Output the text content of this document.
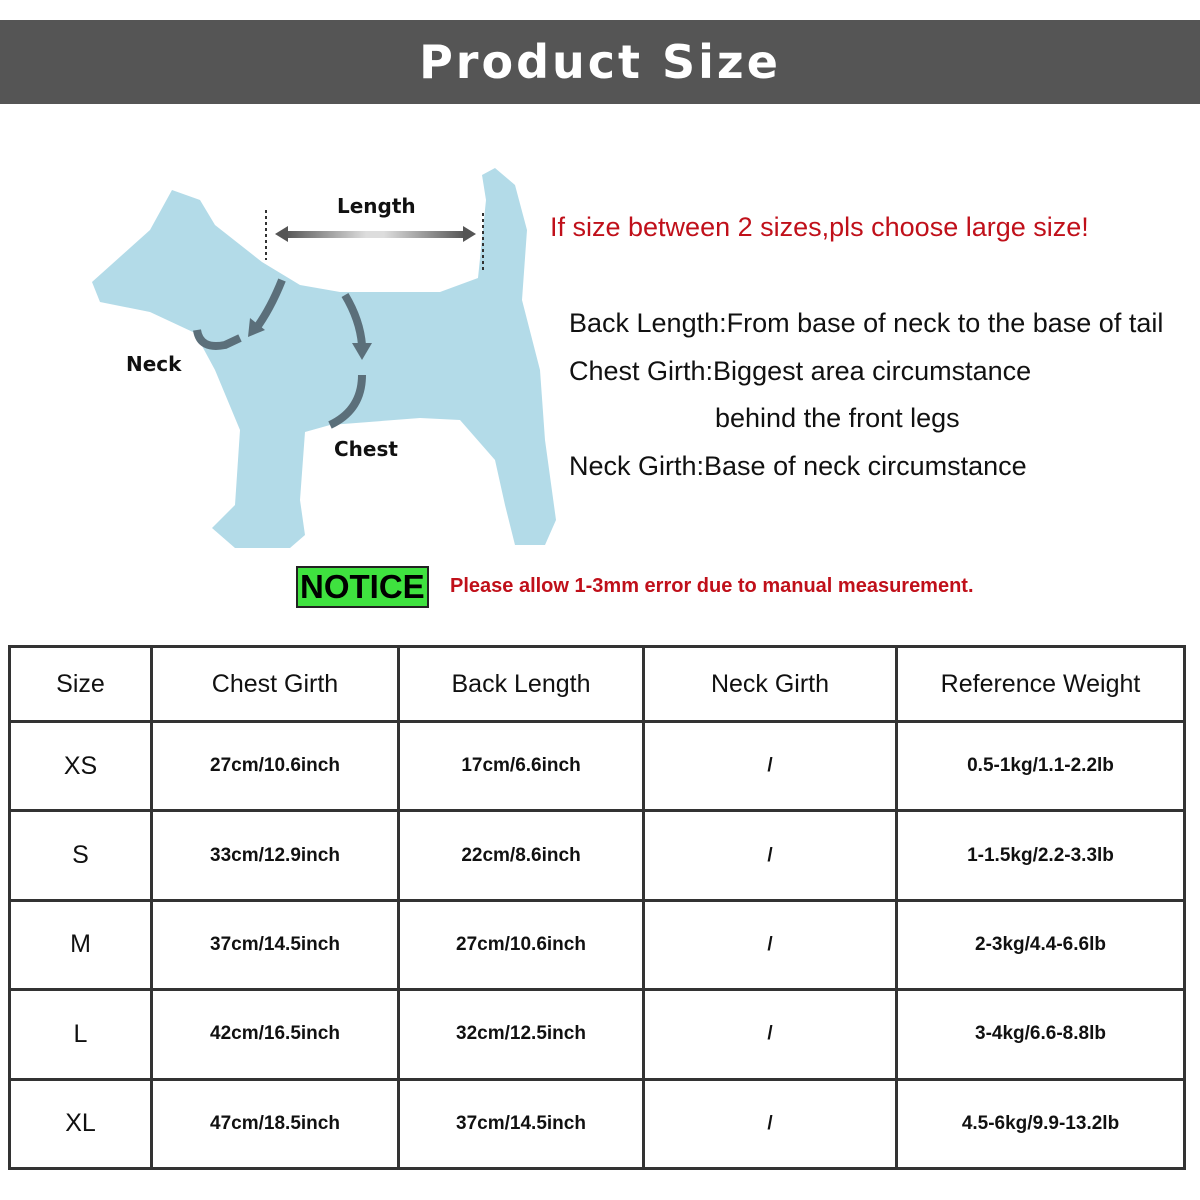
Product Size
Length
Neck
Chest
If size between 2 sizes,pls choose large size!
Back Length:From base of neck to the base of tail
Chest Girth:Biggest area circumstance
behind the front legs
Neck Girth:Base of neck circumstance
NOTICE Please allow 1-3mm error due to manual measurement.
Size	Chest Girth	Back Length	Neck Girth	Reference Weight
XS	27cm/10.6inch	17cm/6.6inch	/	0.5-1kg/1.1-2.2lb
S	33cm/12.9inch	22cm/8.6inch	/	1-1.5kg/2.2-3.3lb
M	37cm/14.5inch	27cm/10.6inch	/	2-3kg/4.4-6.6lb
L	42cm/16.5inch	32cm/12.5inch	/	3-4kg/6.6-8.8lb
XL	47cm/18.5inch	37cm/14.5inch	/	4.5-6kg/9.9-13.2lb
